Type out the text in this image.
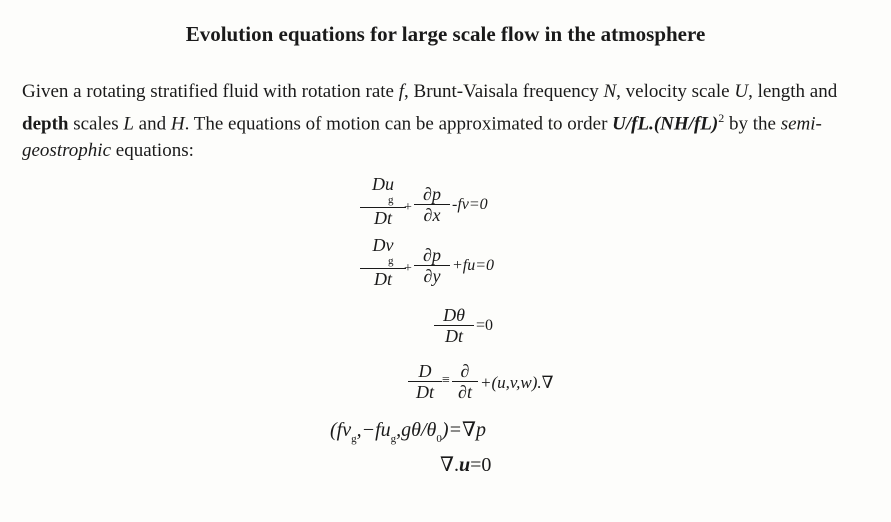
Evolution equations for large scale flow in the atmosphere
Given a rotating stratified fluid with rotation rate f, Brunt-Vaisala frequency N, velocity scale U, length and depth scales L and H. The equations of motion can be approximated to order $U/fL.(NH/fL)^2$ by the semi-geostrophic equations:
Du
g
Dt
+
∂p
∂x
-fv=0
Dv
g
Dt
+
∂p
∂y
+fu=0
Dθ
Dt
=0
D
Dt
≡ ∂
∂t +(u,v,w).∇
$(fv_g,-fu_g,g\theta/\theta_0)=\nabla p$
∇.u=0
